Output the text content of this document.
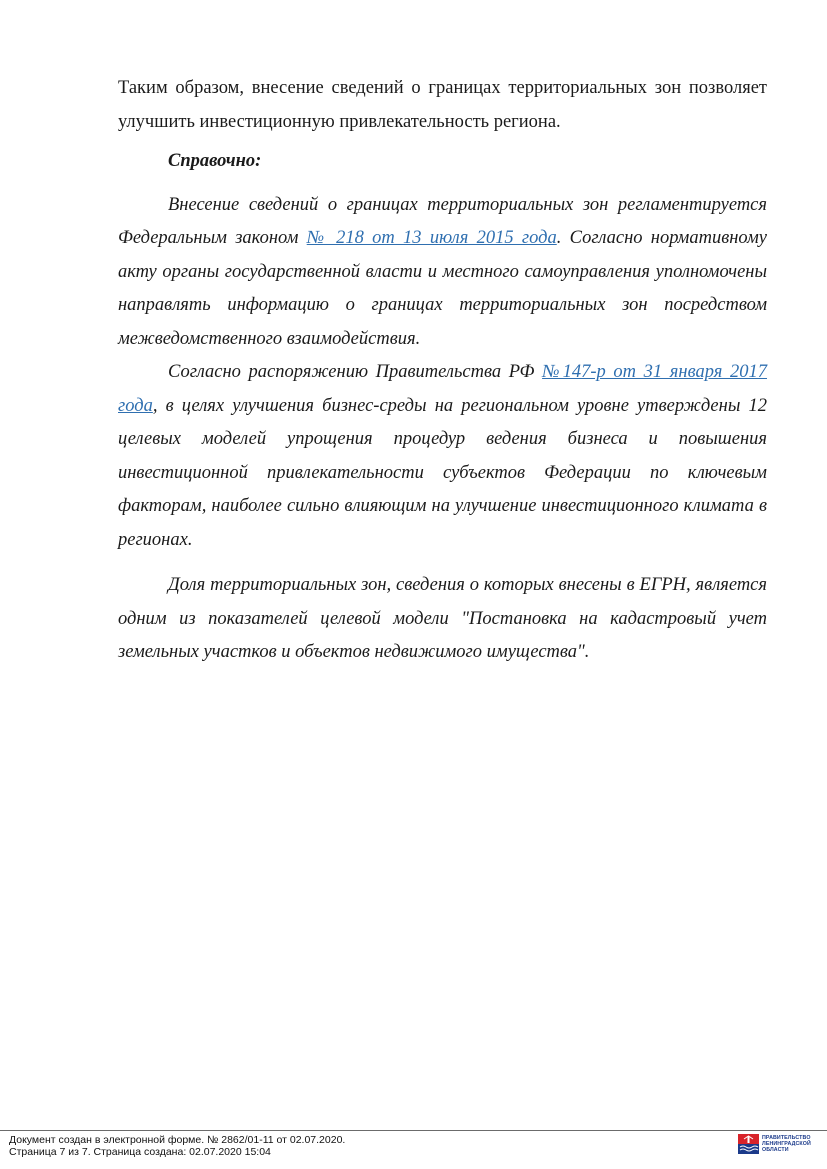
Таким образом, внесение сведений о границах территориальных зон позволяет улучшить инвестиционную привлекательность региона.

Справочно:

Внесение сведений о границах территориальных зон регламентируется Федеральным законом № 218 от 13 июля 2015 года. Согласно нормативному акту органы государственной власти и местного самоуправления уполномочены направлять информацию о границах территориальных зон посредством межведомственного взаимодействия.

Согласно распоряжению Правительства РФ №147-р от 31 января 2017 года, в целях улучшения бизнес-среды на региональном уровне утверждены 12 целевых моделей упрощения процедур ведения бизнеса и повышения инвестиционной привлекательности субъектов Федерации по ключевым факторам, наиболее сильно влияющим на улучшение инвестиционного климата в регионах.

Доля территориальных зон, сведения о которых внесены в ЕГРН, является одним из показателей целевой модели "Постановка на кадастровый учет земельных участков и объектов недвижимого имущества".

Документ создан в электронной форме. № 2862/01-11 от 02.07.2020.
Страница 7 из 7. Страница создана: 02.07.2020 15:04
ПРАВИТЕЛЬСТВО
ЛЕНИНГРАДСКОЙ
ОБЛАСТИ
